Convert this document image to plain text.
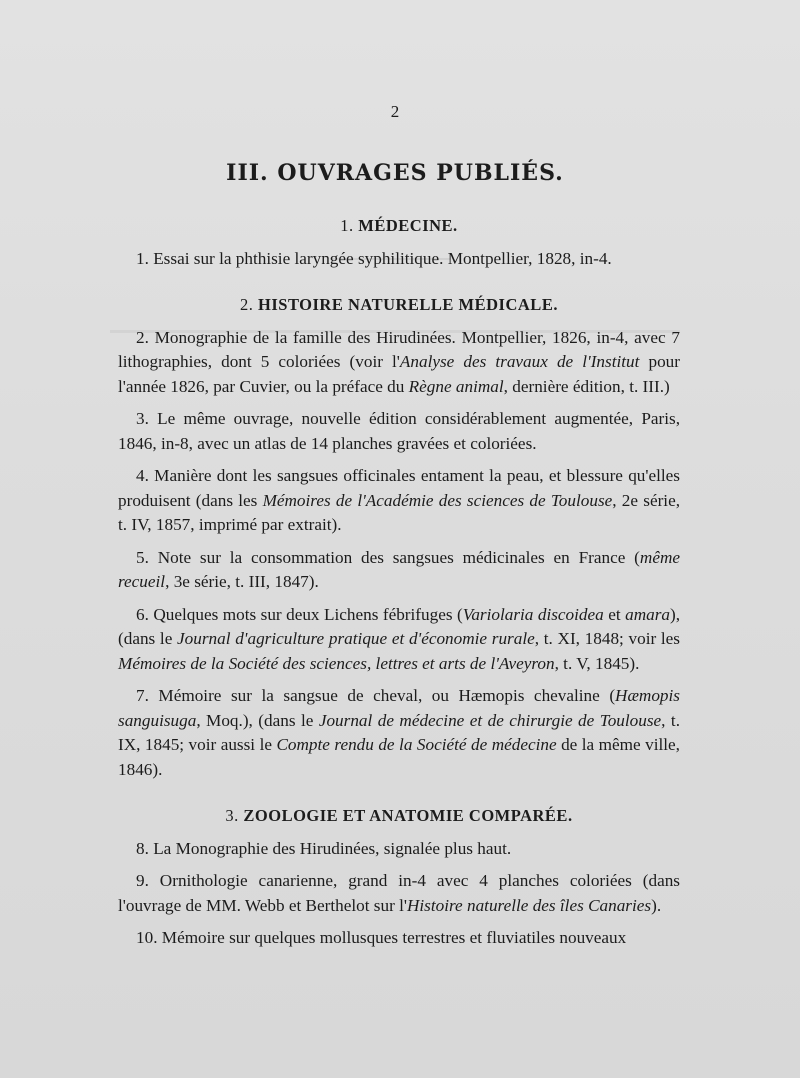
2
III. OUVRAGES PUBLIÉS.

1. MÉDECINE.

1. Essai sur la phthisie laryngée syphilitique. Montpellier, 1828, in-4.

2. HISTOIRE NATURELLE MÉDICALE.

2. Monographie de la famille des Hirudinées. Montpellier, 1826, in-4, avec 7 lithographies, dont 5 coloriées (voir l'Analyse des travaux de l'Institut pour l'année 1826, par Cuvier, ou la préface du Règne animal, dernière édition, t. III.)

3. Le même ouvrage, nouvelle édition considérablement augmentée, Paris, 1846, in-8, avec un atlas de 14 planches gravées et coloriées.

4. Manière dont les sangsues officinales entament la peau, et blessure qu'elles produisent (dans les Mémoires de l'Académie des sciences de Toulouse, 2e série, t. IV, 1857, imprimé par extrait).

5. Note sur la consommation des sangsues médicinales en France (même recueil, 3e série, t. III, 1847).

6. Quelques mots sur deux Lichens fébrifuges (Variolaria discoidea et amara), (dans le Journal d'agriculture pratique et d'économie rurale, t. XI, 1848; voir les Mémoires de la Société des sciences, lettres et arts de l'Aveyron, t. V, 1845).

7. Mémoire sur la sangsue de cheval, ou Hæmopis chevaline (Hæmopis sanguisuga, Moq.), (dans le Journal de médecine et de chirurgie de Toulouse, t. IX, 1845; voir aussi le Compte rendu de la Société de médecine de la même ville, 1846).

3. ZOOLOGIE ET ANATOMIE COMPARÉE.

8. La Monographie des Hirudinées, signalée plus haut.

9. Ornithologie canarienne, grand in-4 avec 4 planches coloriées (dans l'ouvrage de MM. Webb et Berthelot sur l'Histoire naturelle des îles Canaries).

10. Mémoire sur quelques mollusques terrestres et fluviatiles nouveaux
